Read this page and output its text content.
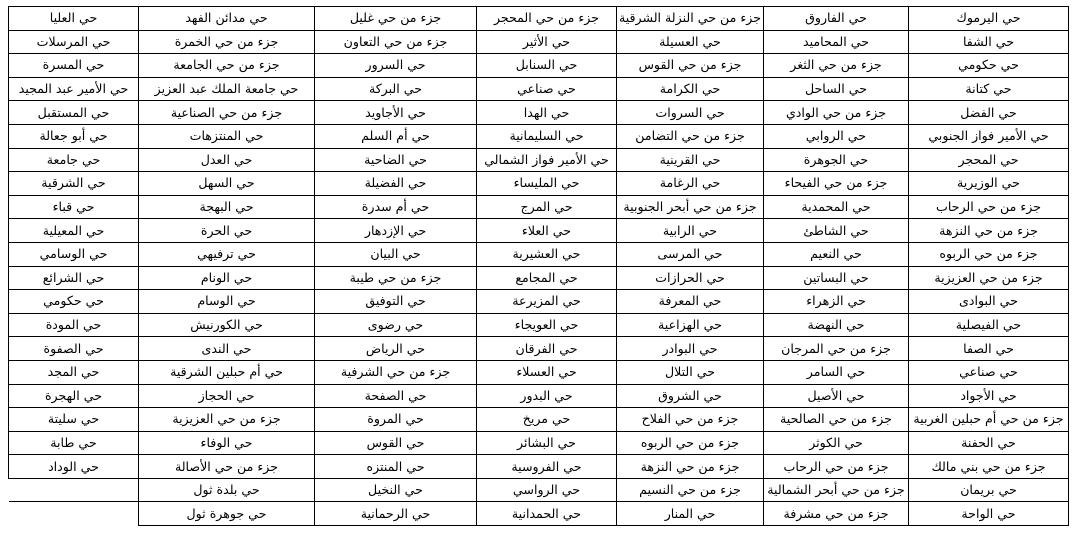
حي اليرموك	حي الفاروق	جزء من حي النزلة الشرقية	جزء من حي المحجر	جزء من حي غليل	حي مدائن الفهد	حي العليا
حي الشفا	حي المحاميد	حي العسيلة	حي الأثير	جزء من حي التعاون	جزء من حي الخمرة	حي المرسلات
حي حكومي	جزء من حي الثغر	جزء من حي القوس	حي السنابل	حي السرور	جزء من حي الجامعة	حي المسرة
حي كتانة	حي الساحل	حي الكرامة	حي صناعي	حي البركة	حي جامعة الملك عبد العزيز	حي الأمير عبد المجيد
حي الفضل	جزء من حي الوادي	حي السروات	حي الهدا	حي الأجاويد	جزء من حي الصناعية	حي المستقبل
حي الأمير فواز الجنوبي	حي الروابي	جزء من حي التضامن	حي السليمانية	حي أم السلم	حي المنتزهات	حي أبو جعالة
حي المحجر	حي الجوهرة	حي القرينية	حي الأمير فواز الشمالي	حي الضاحية	حي العدل	حي جامعة
حي الوزيرية	جزء من حي الفيحاء	حي الرغامة	حي المليساء	حي الفضيلة	حي السهل	حي الشرقية
جزء من حي الرحاب	حي المحمدية	جزء من حي أبحر الجنوبية	حي المرج	حي أم سدرة	حي البهجة	حي قباء
جزء من حي النزهة	حي الشاطئ	حي الرابية	حي العلاء	حي الإزدهار	حي الحرة	حي المعيلية
جزء من حي الربوه	حي النعيم	حي المرسى	حي العشيرية	حي البيان	حي ترفيهي	حي الوسامي
جزء من حي العزيزية	حي البساتين	حي الحرازات	حي المجامع	جزء من حي طيبة	حي الونام	حي الشرائع
حي البوادى	حي الزهراء	حي المعرفة	حي المزيرعة	حي التوفيق	حي الوسام	حي حكومي
حي الفيصلية	حي النهضة	حي الهزاعية	حي العويجاء	حي رضوى	حي الكورنيش	حي المودة
حي الصفا	جزء من حي المرجان	حي البوادر	حي الفرقان	حي الرياض	حي الندى	حي الصفوة
حي صناعي	حي السامر	حي التلال	حي العسلاء	جزء من حي الشرفية	حي أم حبلين الشرقية	حي المجد
حي الأجواد	حي الأصيل	حي الشروق	حي البدور	حي الصفحة	حي الحجاز	حي الهجرة
جزء من حي أم حبلين الغربية	جزء من حي الصالحية	جزء من حي الفلاح	حي مريخ	حي المروة	جزء من حي العزيزية	حي سليتة
حي الحفنة	حي الكوثر	جزء من حي الربوه	حي البشائر	حي القوس	حي الوفاء	حي طابة
جزء من حي بني مالك	جزء من حي الرحاب	جزء من حي النزهة	حي الفروسية	حي المنتزه	جزء من حي الأصالة	حي الوداد
حي بريمان	جزء من حي أبحر الشمالية	جزء من حي النسيم	حي الرواسي	حي النخيل	حي بلدة ثول	
حي الواحة	جزء من حي مشرفة	حي المنار	حي الحمدانية	حي الرحمانية	حي جوهرة ثول	
